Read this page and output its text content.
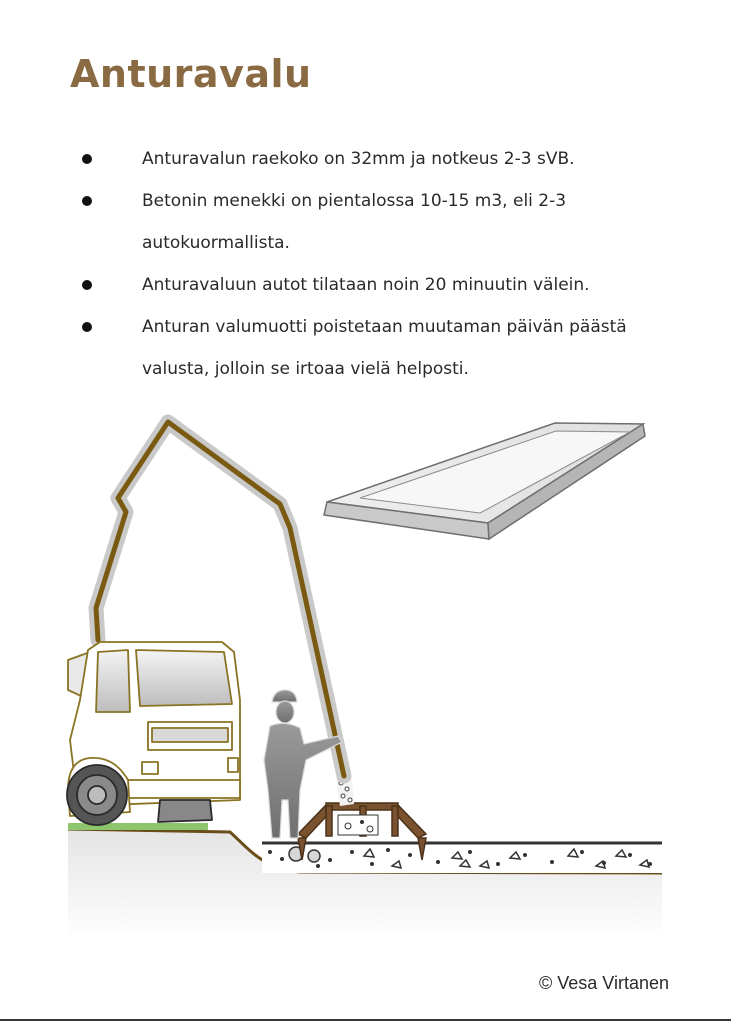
Anturavalu
Anturavalun raekoko on 32mm ja notkeus 2-3 sVB.
Betonin menekki on pientalossa 10-15 m3, eli 2-3 autokuormallista.
Anturavaluun autot tilataan noin 20 minuutin välein.
Anturan valumuotti poistetaan muutaman päivän päästä valusta, jolloin se irtoaa vielä helposti.
© Vesa Virtanen
